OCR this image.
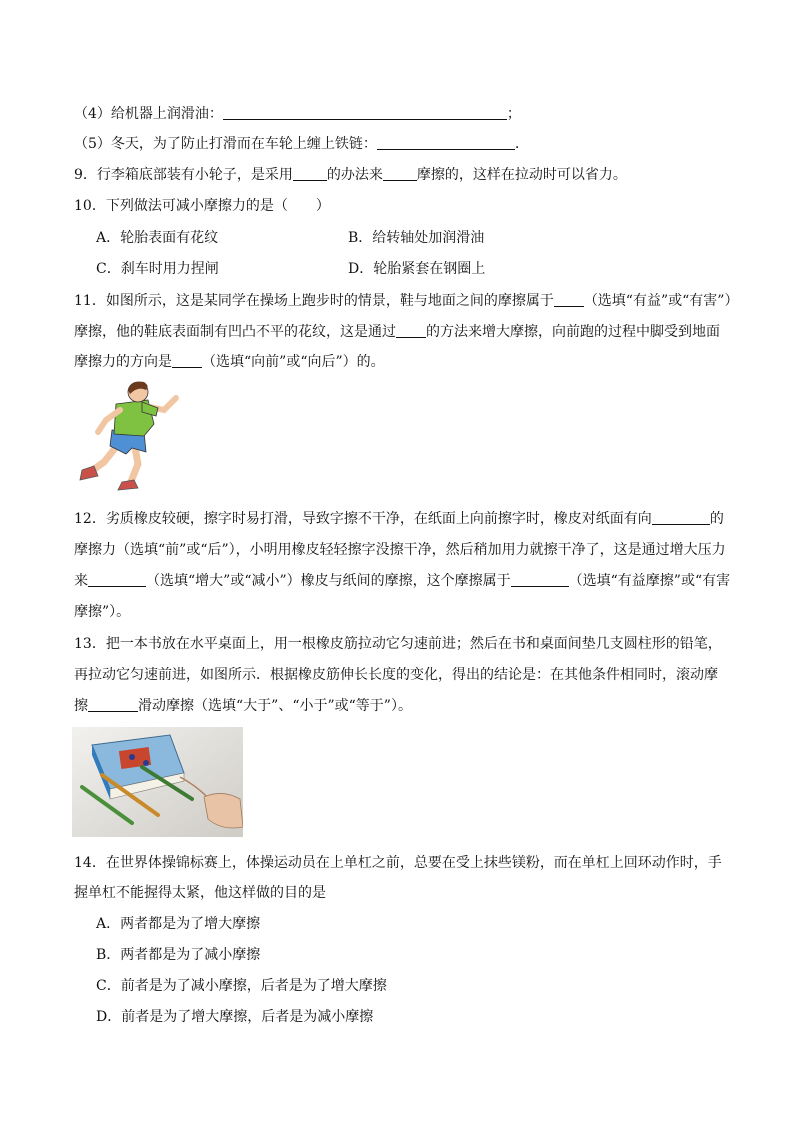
（4）给机器上润滑油：	；
（5）冬天，为了防止打滑而在车轮上缠上铁链：	.
9．行李箱底部装有小轮子，是采用 的办法来 摩擦的，这样在拉动时可以省力。
10．下列做法可减小摩擦力的是（　　）
A．轮胎表面有花纹	B．给转轴处加润滑油
C．刹车时用力捏闸	D．轮胎紧套在钢圈上
11．如图所示，这是某同学在操场上跑步时的情景，鞋与地面之间的摩擦属于 （选填“有益”或“有害”）
摩擦，他的鞋底表面制有凹凸不平的花纹，这是通过 的方法来增大摩擦，向前跑的过程中脚受到地面
摩擦力的方向是 （选填“向前”或“向后”）的。
12．劣质橡皮较硬，擦字时易打滑，导致字擦不干净，在纸面上向前擦字时，橡皮对纸面有向	的
摩擦力（选填“前”或“后”），小明用橡皮轻轻擦字没擦干净，然后稍加用力就擦干净了，这是通过增大压力
来	（选填“增大”或“减小”）橡皮与纸间的摩擦，这个摩擦属于	（选填“有益摩擦”或“有害
摩擦”）。
13．把一本书放在水平桌面上，用一根橡皮筋拉动它匀速前进；然后在书和桌面间垫几支圆柱形的铅笔，
再拉动它匀速前进，如图所示．根据橡皮筋伸长长度的变化，得出的结论是：在其他条件相同时，滚动摩
擦	滑动摩擦（选填“大于”、“小于”或“等于”）。
14．在世界体操锦标赛上，体操运动员在上单杠之前，总要在受上抹些镁粉，而在单杠上回环动作时，手
握单杠不能握得太紧，他这样做的目的是
A．两者都是为了增大摩擦
B．两者都是为了减小摩擦
C．前者是为了减小摩擦，后者是为了增大摩擦
D．前者是为了增大摩擦，后者是为减小摩擦
